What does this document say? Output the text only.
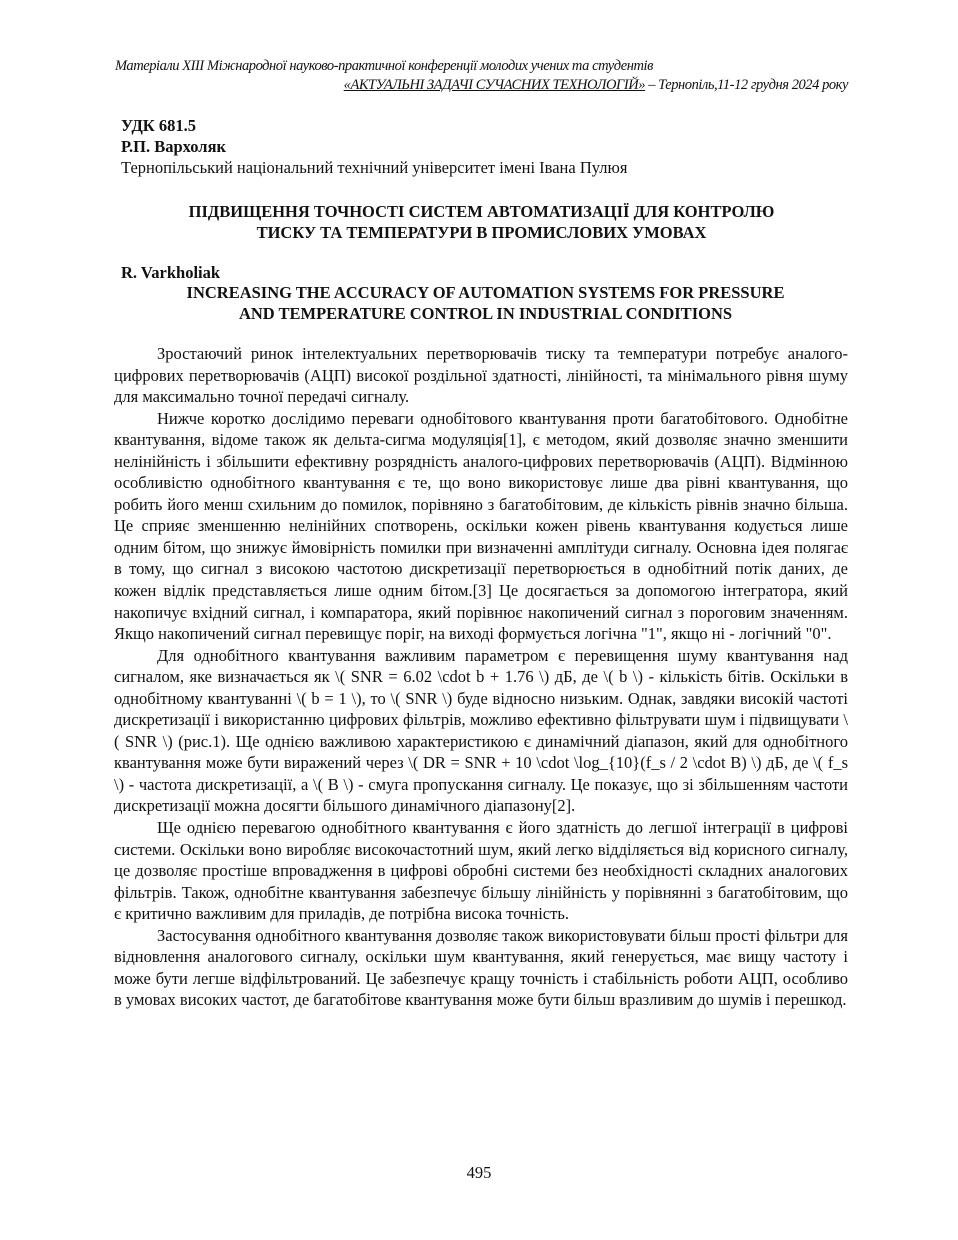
Матеріали XIII Міжнародної науково-практичної конференції молодих учених та студентів
«АКТУАЛЬНІ ЗАДАЧІ СУЧАСНИХ ТЕХНОЛОГІЙ» – Тернопіль,11-12 грудня 2024 року
УДК 681.5
Р.П. Вархоляк
Тернопільський національний технічний університет імені Івана Пулюя
ПІДВИЩЕННЯ ТОЧНОСТІ СИСТЕМ АВТОМАТИЗАЦІЇ ДЛЯ КОНТРОЛЮ
ТИСКУ ТА ТЕМПЕРАТУРИ В ПРОМИСЛОВИХ УМОВАХ
R. Varkholiak
INCREASING THE ACCURACY OF AUTOMATION SYSTEMS FOR PRESSURE
AND TEMPERATURE CONTROL IN INDUSTRIAL CONDITIONS

Зростаючий ринок інтелектуальних перетворювачів тиску та температури потребує аналого-цифрових перетворювачів (АЦП) високої роздільної здатності, лінійності, та мінімального рівня шуму для максимально точної передачі сигналу.

Нижче коротко дослідимо переваги однобітового квантування проти багатобітового. Однобітне квантування, відоме також як дельта-сигма модуляція[1], є методом, який дозволяє значно зменшити нелінійність і збільшити ефективну розрядність аналого-цифрових перетворювачів (АЦП). Відмінною особливістю однобітного квантування є те, що воно використовує лише два рівні квантування, що робить його менш схильним до помилок, порівняно з багатобітовим, де кількість рівнів значно більша. Це сприяє зменшенню нелінійних спотворень, оскільки кожен рівень квантування кодується лише одним бітом, що знижує ймовірність помилки при визначенні амплітуди сигналу. Основна ідея полягає в тому, що сигнал з високою частотою дискретизації перетворюється в однобітний потік даних, де кожен відлік представляється лише одним бітом.[3] Це досягається за допомогою інтегратора, який накопичує вхідний сигнал, і компаратора, який порівнює накопичений сигнал з пороговим значенням. Якщо накопичений сигнал перевищує поріг, на виході формується логічна "1", якщо ні - логічний "0".

Для однобітного квантування важливим параметром є перевищення шуму квантування над сигналом, яке визначається як \( SNR = 6.02 \cdot b + 1.76 \) дБ, де \( b \) - кількість бітів. Оскільки в однобітному квантуванні \( b = 1 \), то \( SNR \) буде відносно низьким. Однак, завдяки високій частоті дискретизації і використанню цифрових фільтрів, можливо ефективно фільтрувати шум і підвищувати \( SNR \) (рис.1). Ще однією важливою характеристикою є динамічний діапазон, який для однобітного квантування може бути виражений через \( DR = SNR + 10 \cdot \log_{10}(f_s / 2 \cdot B) \) дБ, де \( f_s \) - частота дискретизації, а \( B \) - смуга пропускання сигналу. Це показує, що зі збільшенням частоти дискретизації можна досягти більшого динамічного діапазону[2].

Ще однією перевагою однобітного квантування є його здатність до легшої інтеграції в цифрові системи. Оскільки воно виробляє високочастотний шум, який легко відділяється від корисного сигналу, це дозволяє простіше впровадження в цифрові обробні системи без необхідності складних аналогових фільтрів. Також, однобітне квантування забезпечує більшу лінійність у порівнянні з багатобітовим, що є критично важливим для приладів, де потрібна висока точність.

Застосування однобітного квантування дозволяє також використовувати більш прості фільтри для відновлення аналогового сигналу, оскільки шум квантування, який генерується, має вищу частоту і може бути легше відфільтрований. Це забезпечує кращу точність і стабільність роботи АЦП, особливо в умовах високих частот, де багатобітове квантування може бути більш вразливим до шумів і перешкод.

495
